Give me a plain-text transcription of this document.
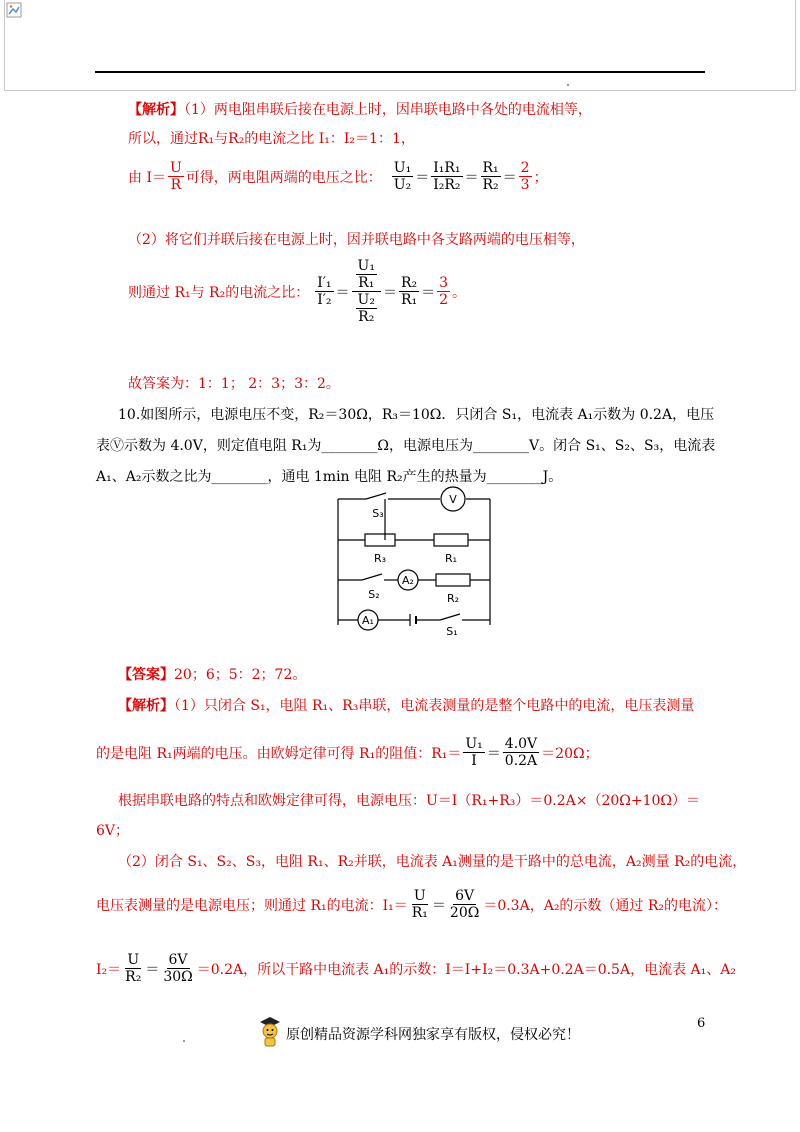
【解析】（1）两电阻串联后接在电源上时，因串联电路中各处的电流相等，
所以，通过R₁与R₂的电流之比 I₁：I₂＝1：1，
由 $I= \frac{U}{R}$ 可得，两电阻两端的电压之比： $\frac{\text{U₁}}{\text{U₂}} = \frac{\text{I₁R₁}}{\text{I₂R₂}} = \frac{\text{R₁}}{\text{R₂}} = \frac{2}{3}$ ；
（2）将它们并联后接在电源上时，因并联电路中各支路两端的电压相等，
则通过 R₁与 R₂的电流之比： $\frac{\text{I′₁}}{\text{I′₂}} = \frac{\frac{\text{U₁}}{\text{R₁}}}{\frac{\text{U₂}}{\text{R₂}}} = \frac{\text{R₂}}{\text{R₁}} = \frac{3}{2}$ 。
故答案为：1：1； 2：3；3：2。
10.如图所示，电源电压不变，R₂＝30Ω，R₃＝10Ω．只闭合 S₁，电流表 A₁示数为 0.2A，电压
表Ⓥ示数为 4.0V，则定值电阻 R₁为________Ω，电源电压为________V。闭合 S₁、S₂、S₃，电流表
A₁、A₂示数之比为________，通电 1min 电阻 R₂产生的热量为________J。
S₃
V
R₃	R₁
S₂
A₂
R₂
A₁
S₁
【答案】20；6；5：2；72。
【解析】（1）只闭合 S₁，电阻 R₁、R₃串联，电流表测量的是整个电路中的电流，电压表测量
的是电阻 R₁两端的电压。由欧姆定律可得 R₁的阻值：$R_1= \frac{\text{U₁}}{I} = \frac{4.0V}{0.2A} =20\Omega$；
根据串联电路的特点和欧姆定律可得，电源电压：U＝I（R₁+R₃）＝0.2A×（20Ω+10Ω）＝
6V；
（2）闭合 S₁、S₂、S₃，电阻 R₁、R₂并联，电流表 A₁测量的是干路中的总电流，A₂测量 R₂的电流，
电压表测量的是电源电压；则通过 R₁的电流：$I_1= \frac{U}{\text{R₁}} = \frac{6V}{20\Omega} =0.3A$，A₂的示数（通过 R₂的电流）：
$I_2= \frac{U}{\text{R₂}} = \frac{6V}{30\Omega} =0.2A$，所以干路中电流表 A₁的示数：I＝I+I₂＝0.3A+0.2A＝0.5A，电流表 A₁、A₂
6
原创精品资源学科网独家享有版权，侵权必究！
